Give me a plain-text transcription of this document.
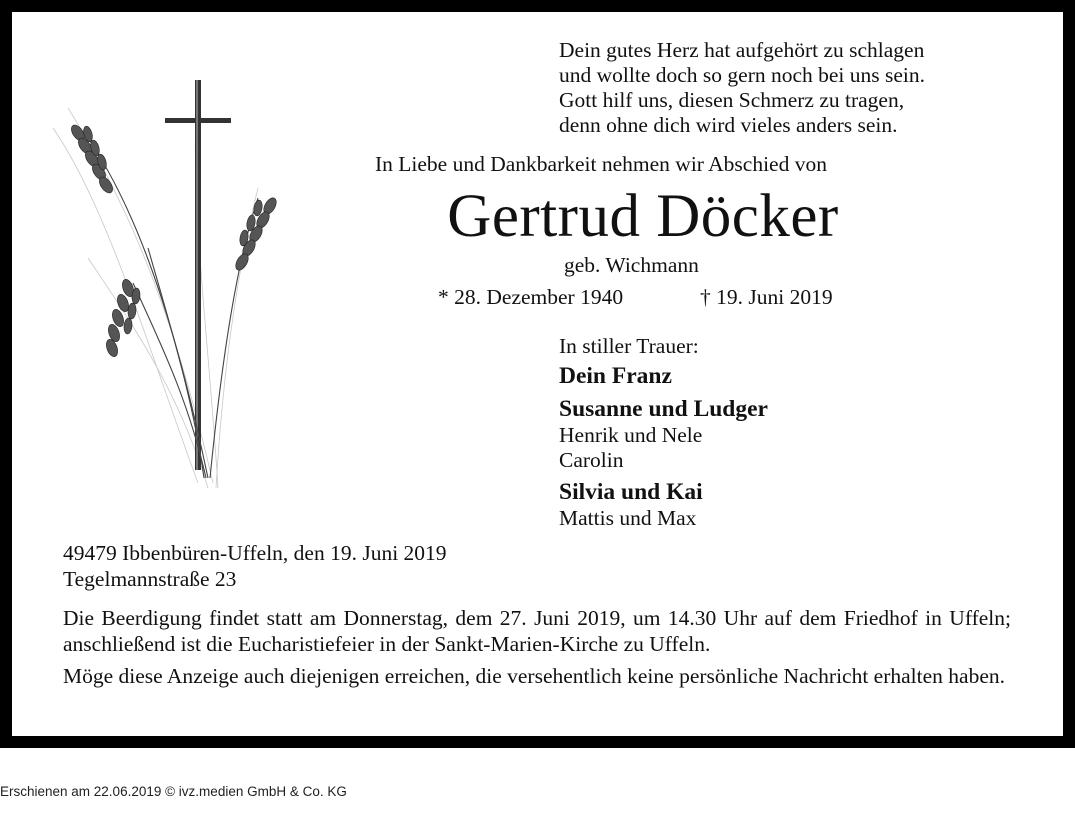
Dein gutes Herz hat aufgehört zu schlagen
und wollte doch so gern noch bei uns sein.
Gott hilf uns, diesen Schmerz zu tragen,
denn ohne dich wird vieles anders sein.
In Liebe und Dankbarkeit nehmen wir Abschied von
Gertrud Döcker
geb. Wichmann
* 28. Dezember 1940	† 19. Juni 2019
In stiller Trauer:
Dein Franz
Susanne und Ludger
Henrik und Nele
Carolin
Silvia und Kai
Mattis und Max
49479 Ibbenbüren-Uffeln, den 19. Juni 2019
Tegelmannstraße 23
Die Beerdigung findet statt am Donnerstag, dem 27. Juni 2019, um 14.30 Uhr auf dem Friedhof in Uffeln; anschließend ist die Eucharistiefeier in der Sankt-Marien-Kirche zu Uffeln.
Möge diese Anzeige auch diejenigen erreichen, die versehentlich keine persönliche Nachricht erhalten haben.
Erschienen am 22.06.2019 © ivz.medien GmbH & Co. KG
